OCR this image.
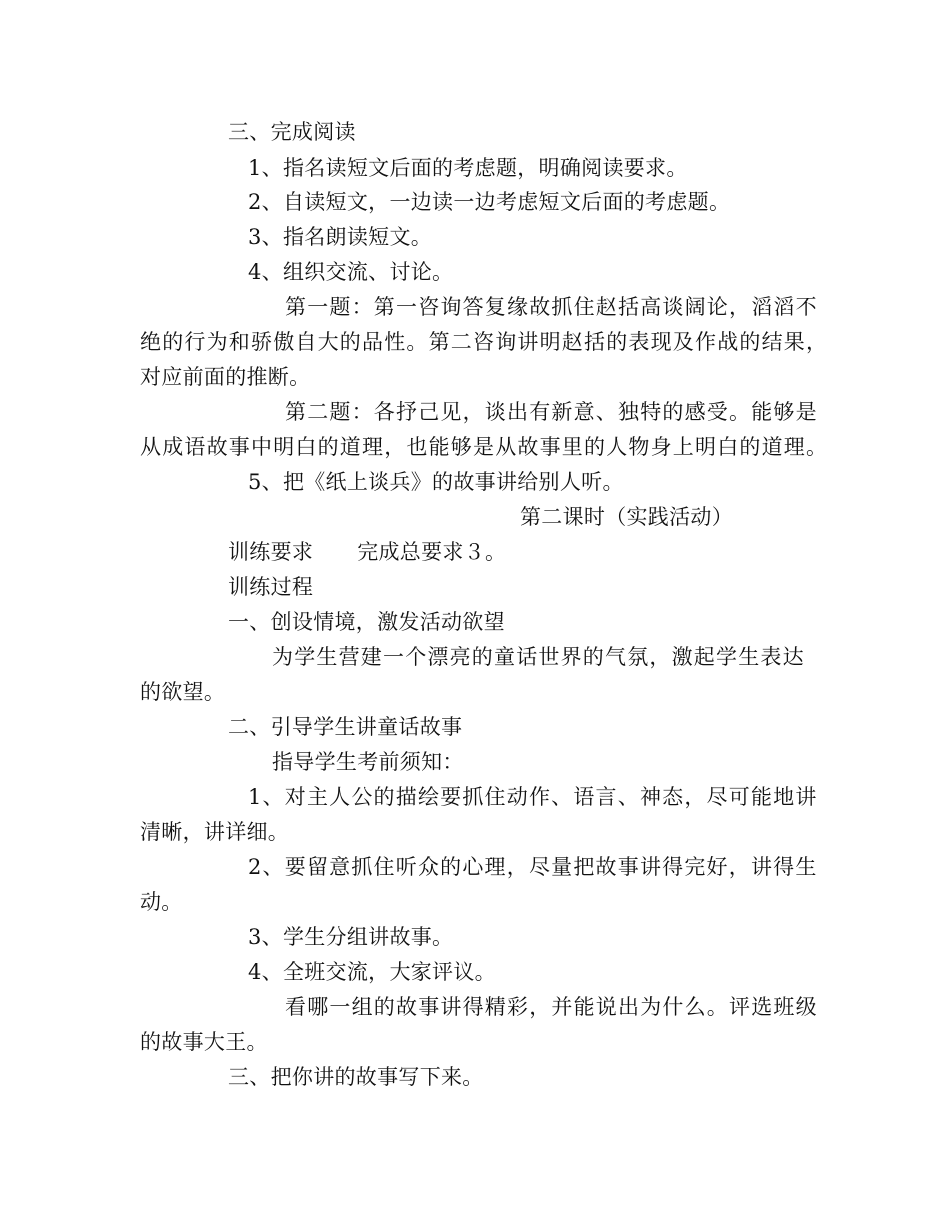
三、完成阅读
1、指名读短文后面的考虑题，明确阅读要求。
2、自读短文，一边读一边考虑短文后面的考虑题。
3、指名朗读短文。
4、组织交流、讨论。
第一题：第一咨询答复缘故抓住赵括高谈阔论，滔滔不
绝的行为和骄傲自大的品性。第二咨询讲明赵括的表现及作战的结果，
对应前面的推断。
第二题：各抒己见，谈出有新意、独特的感受。能够是
从成语故事中明白的道理，也能够是从故事里的人物身上明白的道理。
5、把《纸上谈兵》的故事讲给别人听。
第二课时（实践活动）
训练要求 完成总要求３。
训练过程
一、创设情境，激发活动欲望
为学生营建一个漂亮的童话世界的气氛，激起学生表达
的欲望。
二、引导学生讲童话故事
指导学生考前须知：
1、对主人公的描绘要抓住动作、语言、神态，尽可能地讲
清晰，讲详细。
2、要留意抓住听众的心理，尽量把故事讲得完好，讲得生
动。
3、学生分组讲故事。
4、全班交流，大家评议。
看哪一组的故事讲得精彩，并能说出为什么。评选班级
的故事大王。
三、把你讲的故事写下来。
